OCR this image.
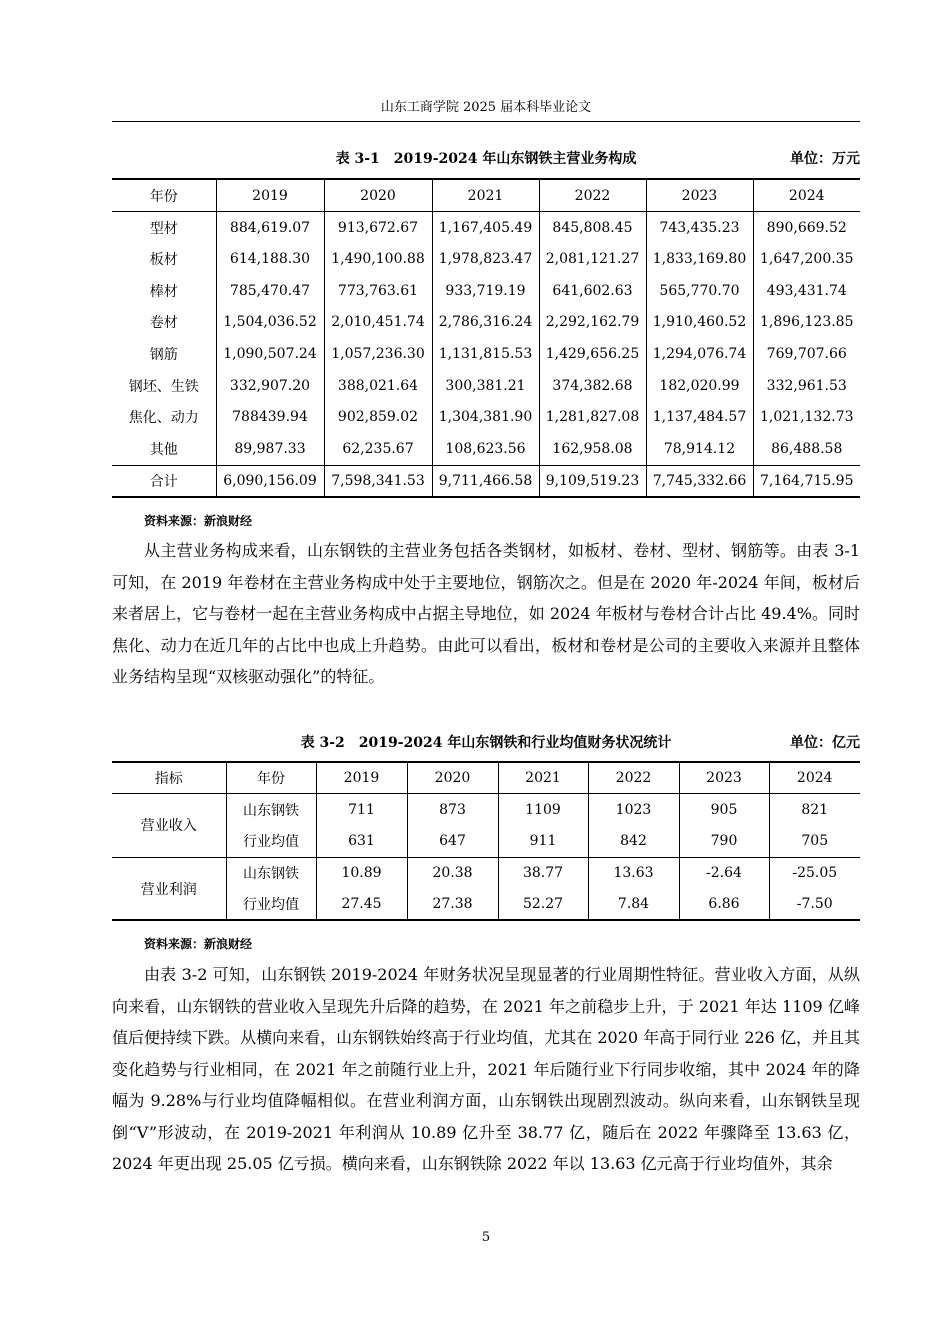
山东工商学院 2025 届本科毕业论文
表 3-1　2019-2024 年山东钢铁主营业务构成	单位：万元
年份	2019	2020	2021	2022	2023	2024
型材	884,619.07	913,672.67	1,167,405.49	845,808.45	743,435.23	890,669.52
板材	614,188.30	1,490,100.88	1,978,823.47	2,081,121.27	1,833,169.80	1,647,200.35
棒材	785,470.47	773,763.61	933,719.19	641,602.63	565,770.70	493,431.74
卷材	1,504,036.52	2,010,451.74	2,786,316.24	2,292,162.79	1,910,460.52	1,896,123.85
钢筋	1,090,507.24	1,057,236.30	1,131,815.53	1,429,656.25	1,294,076.74	769,707.66
钢坯、生铁	332,907.20	388,021.64	300,381.21	374,382.68	182,020.99	332,961.53
焦化、动力	788439.94	902,859.02	1,304,381.90	1,281,827.08	1,137,484.57	1,021,132.73
其他	89,987.33	62,235.67	108,623.56	162,958.08	78,914.12	86,488.58
合计	6,090,156.09	7,598,341.53	9,711,466.58	9,109,519.23	7,745,332.66	7,164,715.95
资料来源：新浪财经

从主营业务构成来看，山东钢铁的主营业务包括各类钢材，如板材、卷材、型材、钢筋等。由表 3-1 可知，在 2019 年卷材在主营业务构成中处于主要地位，钢筋次之。但是在 2020 年-2024 年间，板材后来者居上，它与卷材一起在主营业务构成中占据主导地位，如 2024 年板材与卷材合计占比 49.4%。同时焦化、动力在近几年的占比中也成上升趋势。由此可以看出，板材和卷材是公司的主要收入来源并且整体业务结构呈现“双核驱动强化”的特征。

表 3-2　2019-2024 年山东钢铁和行业均值财务状况统计	单位：亿元
指标	年份	2019	2020	2021	2022	2023	2024
营业收入	山东钢铁	711	873	1109	1023	905	821
	行业均值	631	647	911	842	790	705
营业利润	山东钢铁	10.89	20.38	38.77	13.63	-2.64	-25.05
	行业均值	27.45	27.38	52.27	7.84	6.86	-7.50
资料来源：新浪财经

由表 3-2 可知，山东钢铁 2019-2024 年财务状况呈现显著的行业周期性特征。营业收入方面，从纵向来看，山东钢铁的营业收入呈现先升后降的趋势，在 2021 年之前稳步上升，于 2021 年达 1109 亿峰值后便持续下跌。从横向来看，山东钢铁始终高于行业均值，尤其在 2020 年高于同行业 226 亿，并且其变化趋势与行业相同，在 2021 年之前随行业上升，2021 年后随行业下行同步收缩，其中 2024 年的降幅为 9.28%与行业均值降幅相似。在营业利润方面，山东钢铁出现剧烈波动。纵向来看，山东钢铁呈现倒“V”形波动，在 2019-2021 年利润从 10.89 亿升至 38.77 亿，随后在 2022 年骤降至 13.63 亿，2024 年更出现 25.05 亿亏损。横向来看，山东钢铁除 2022 年以 13.63 亿元高于行业均值外，其余

5
